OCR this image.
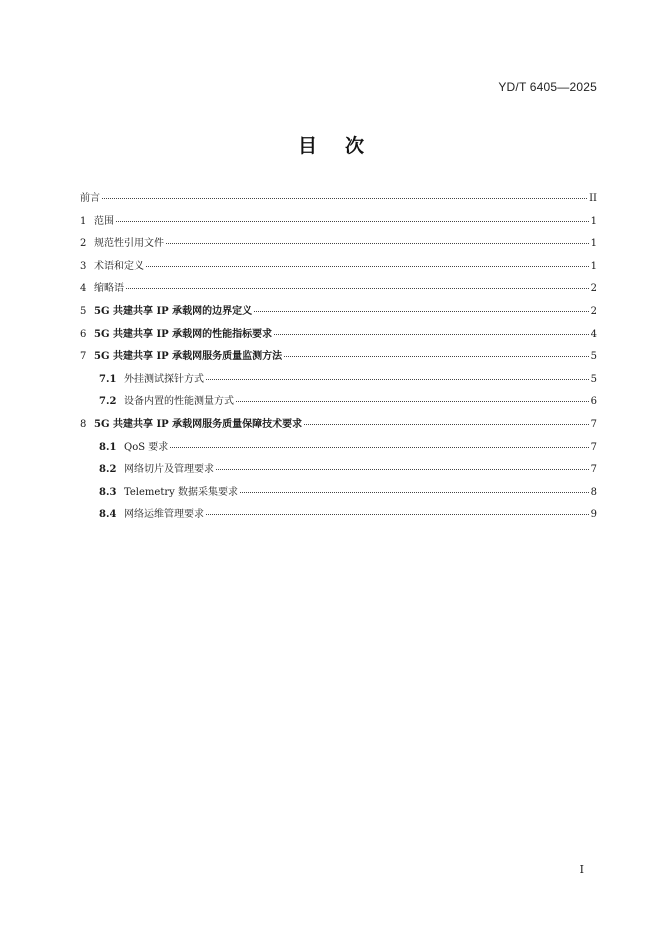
YD/T 6405—2025
目次
前言	II
1 范围	1
2 规范性引用文件	1
3 术语和定义	1
4 缩略语	2
5 5G 共建共享 IP 承载网的边界定义	2
6 5G 共建共享 IP 承载网的性能指标要求	4
7 5G 共建共享 IP 承载网服务质量监测方法	5
7.1 外挂测试探针方式	5
7.2 设备内置的性能测量方式	6
8 5G 共建共享 IP 承载网服务质量保障技术要求	7
8.1 QoS 要求	7
8.2 网络切片及管理要求	7
8.3 Telemetry 数据采集要求	8
8.4 网络运维管理要求	9
I
